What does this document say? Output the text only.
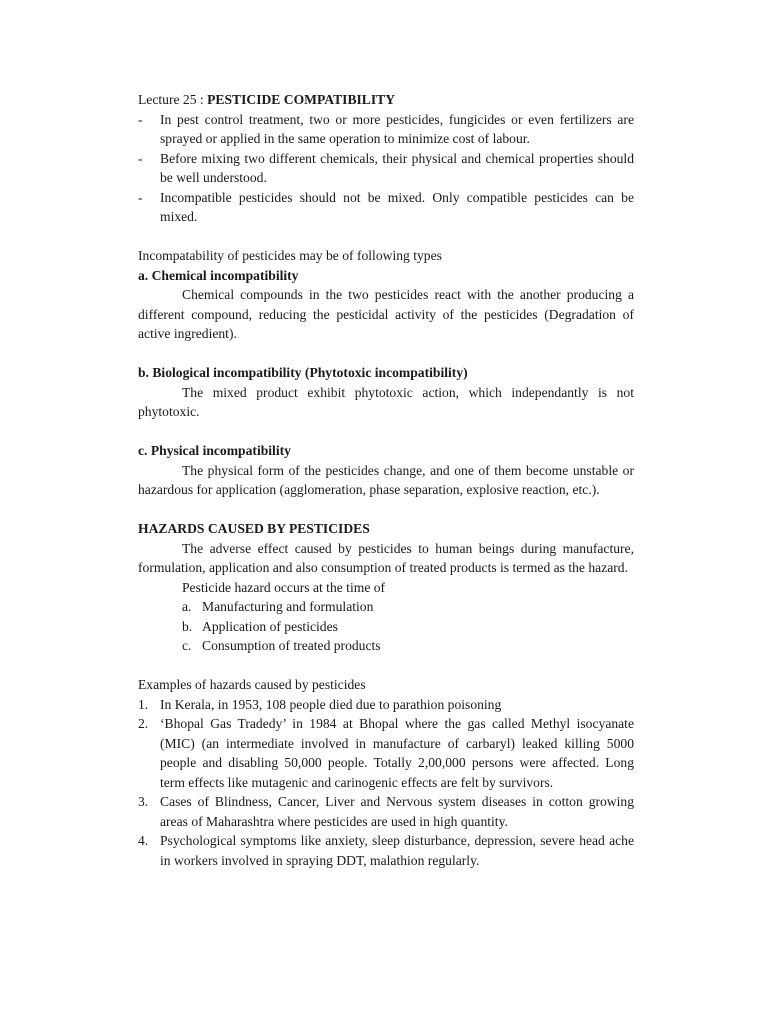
Lecture 25 : PESTICIDE COMPATIBILITY
- In pest control treatment, two or more pesticides, fungicides or even fertilizers are sprayed or applied in the same operation to minimize cost of labour.
- Before mixing two different chemicals, their physical and chemical properties should be well understood.
- Incompatible pesticides should not be mixed. Only compatible pesticides can be mixed.
Incompatability of pesticides may be of following types
a. Chemical incompatibility
Chemical compounds in the two pesticides react with the another producing a different compound, reducing the pesticidal activity of the pesticides (Degradation of active ingredient).
b. Biological incompatibility (Phytotoxic incompatibility)
The mixed product exhibit phytotoxic action, which independantly is not phytotoxic.
c. Physical incompatibility
The physical form of the pesticides change, and one of them become unstable or hazardous for application (agglomeration, phase separation, explosive reaction, etc.).
HAZARDS CAUSED BY PESTICIDES
The adverse effect caused by pesticides to human beings during manufacture, formulation, application and also consumption of treated products is termed as the hazard.
Pesticide hazard occurs at the time of
a. Manufacturing and formulation
b. Application of pesticides
c. Consumption of treated products
Examples of hazards caused by pesticides
1. In Kerala, in 1953, 108 people died due to parathion poisoning
2. ‘Bhopal Gas Tradedy’ in 1984 at Bhopal where the gas called Methyl isocyanate (MIC) (an intermediate involved in manufacture of carbaryl) leaked killing 5000 people and disabling 50,000 people. Totally 2,00,000 persons were affected. Long term effects like mutagenic and carinogenic effects are felt by survivors.
3. Cases of Blindness, Cancer, Liver and Nervous system diseases in cotton growing areas of Maharashtra where pesticides are used in high quantity.
4. Psychological symptoms like anxiety, sleep disturbance, depression, severe head ache in workers involved in spraying DDT, malathion regularly.
